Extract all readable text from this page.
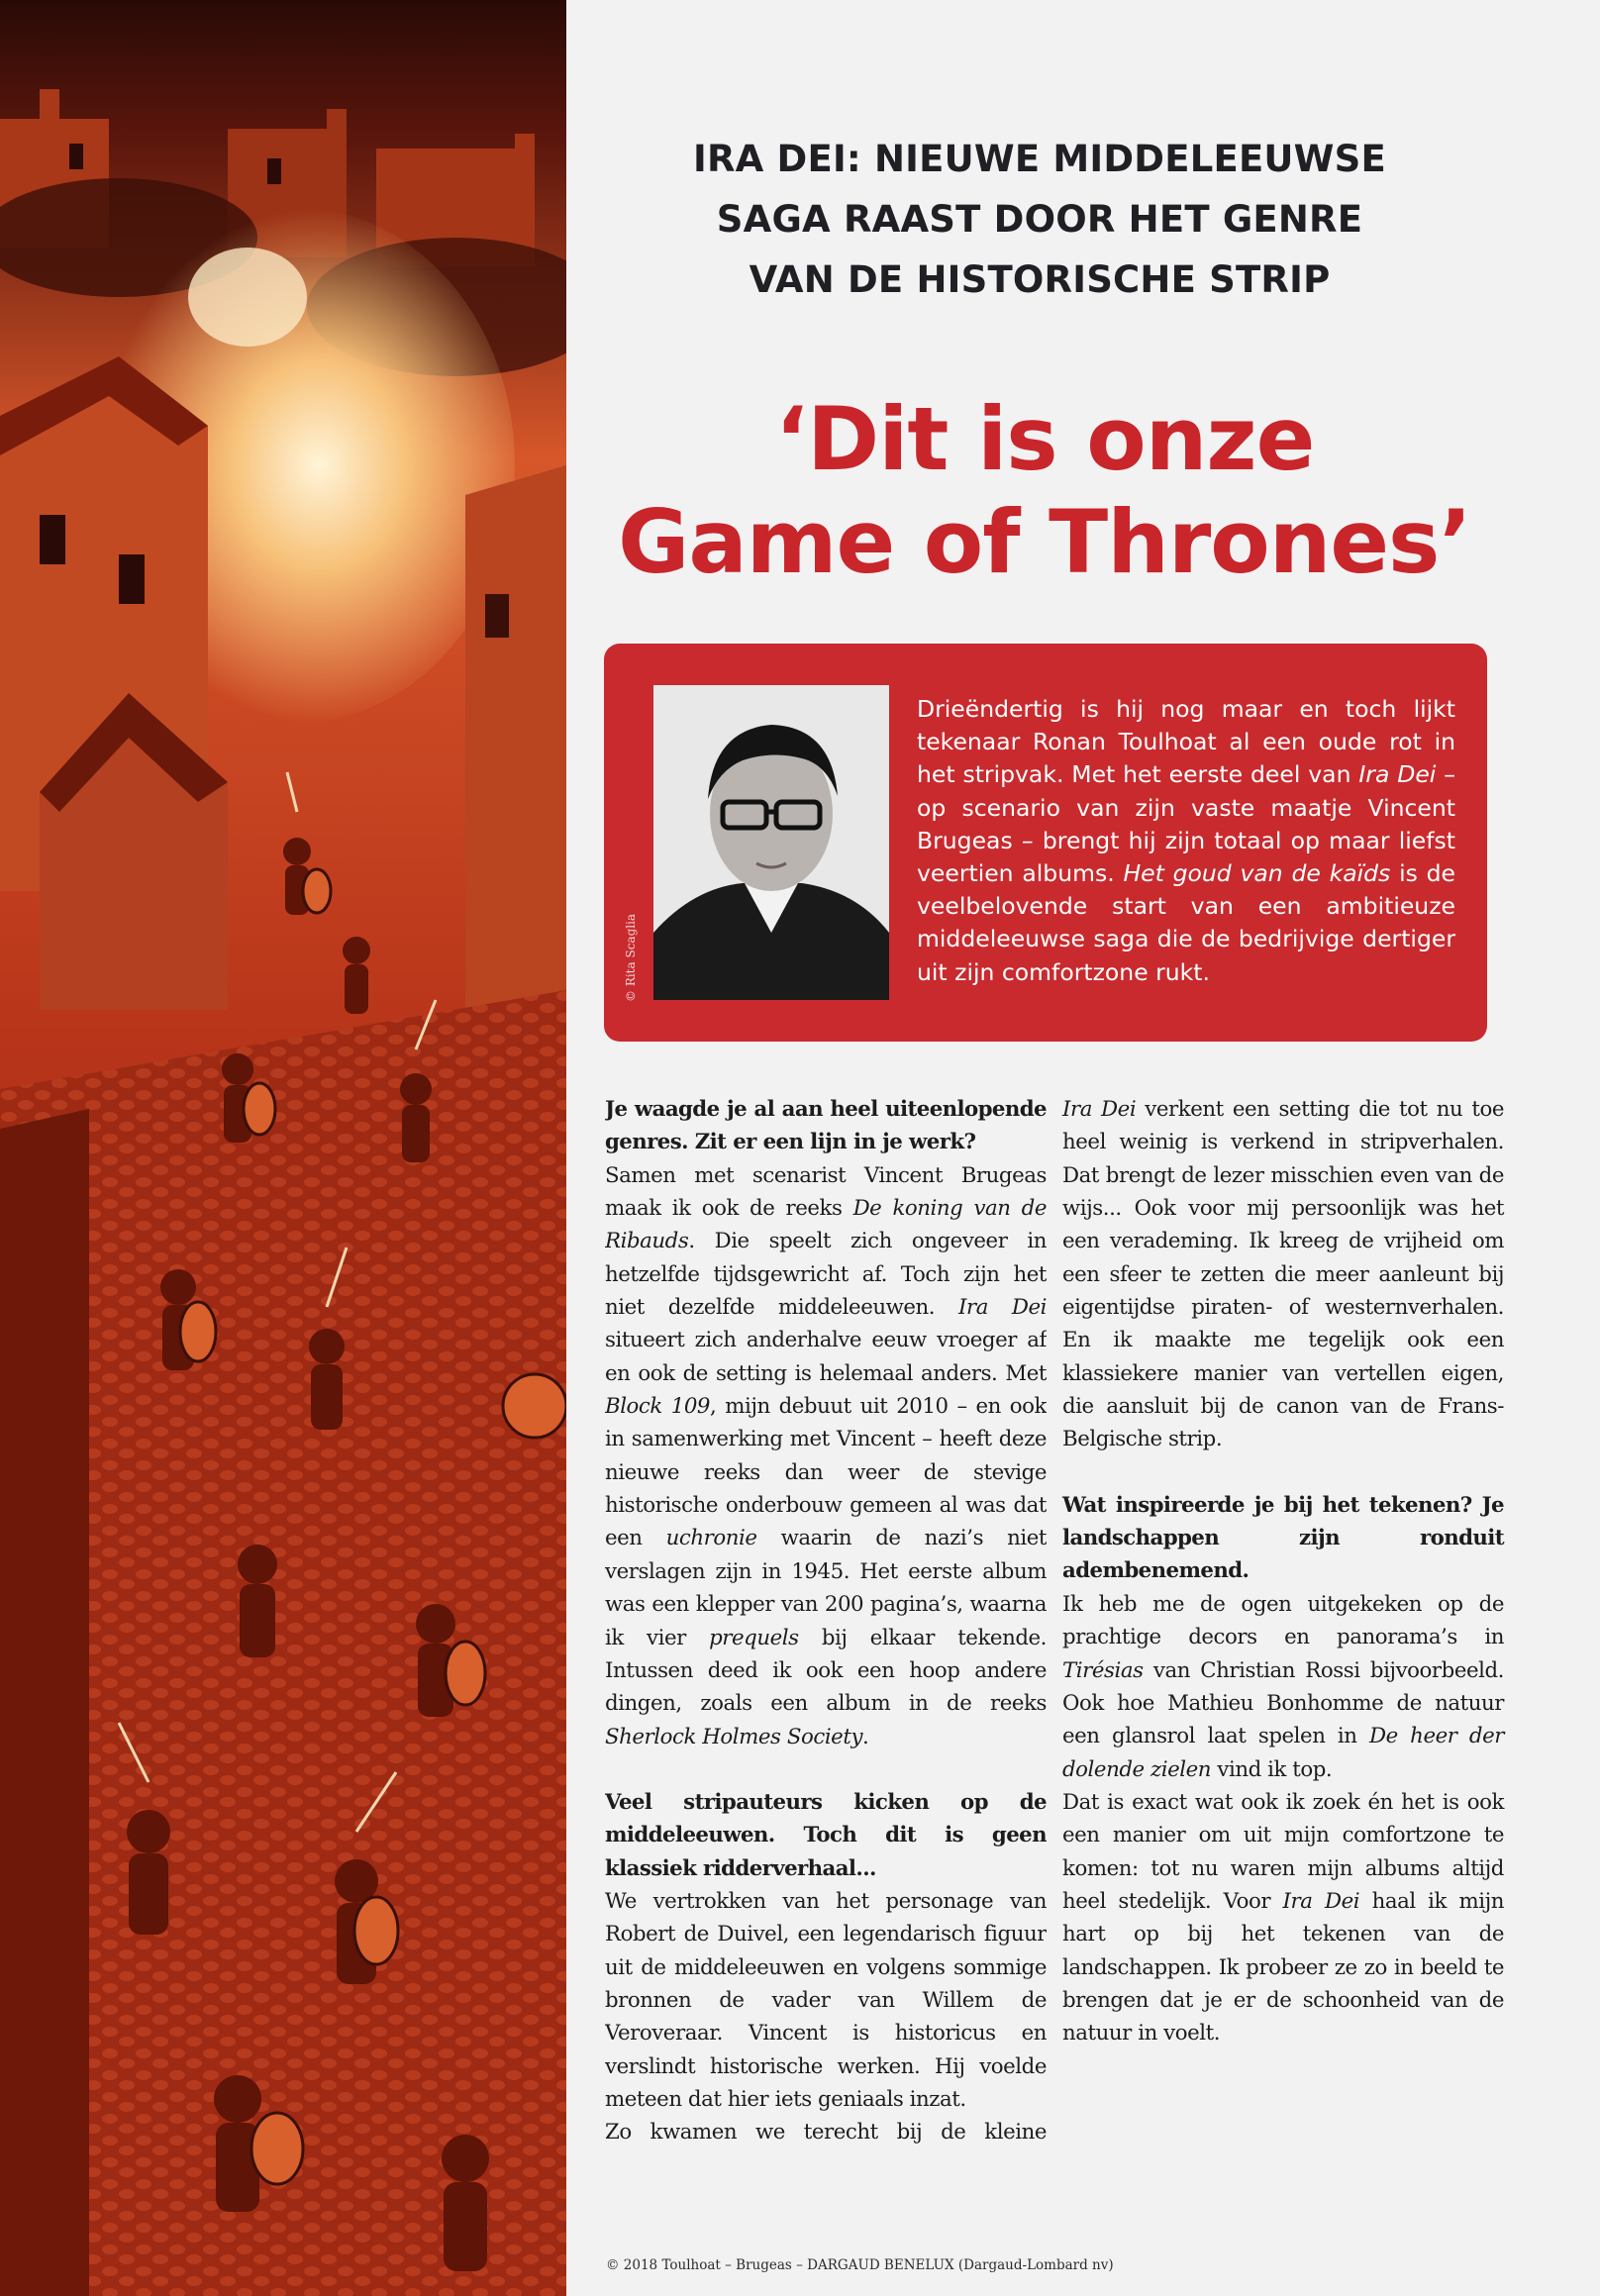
IRA DEI: NIEUWE MIDDELEEUWSE
SAGA RAAST DOOR HET GENRE
VAN DE HISTORISCHE STRIP
‘Dit is onze
Game of Thrones’
© Rita Scaglia
Drieëndertig is hij nog maar en toch lijkt tekenaar Ronan Toulhoat al een oude rot in het stripvak. Met het eerste deel van Ira Dei – op scenario van zijn vaste maatje Vincent Brugeas – brengt hij zijn totaal op maar liefst veertien albums. Het goud van de kaïds is de veelbelovende start van een ambitieuze middeleeuwse saga die de bedrijvige dertiger uit zijn comfortzone rukt.

Je waagde je al aan heel uiteenlopende genres. Zit er een lijn in je werk?

Samen met scenarist Vincent Brugeas maak ik ook de reeks De koning van de Ribauds. Die speelt zich ongeveer in hetzelfde tijdsgewricht af. Toch zijn het niet dezelfde middeleeuwen. Ira Dei situeert zich anderhalve eeuw vroeger af en ook de setting is helemaal anders. Met Block 109, mijn debuut uit 2010 – en ook in samenwerking met Vincent – heeft deze nieuwe reeks dan weer de stevige historische onderbouw gemeen al was dat een uchronie waarin de nazi’s niet verslagen zijn in 1945. Het eerste album was een klepper van 200 pagina’s, waarna ik vier prequels bij elkaar tekende. Intussen deed ik ook een hoop andere dingen, zoals een album in de reeks Sherlock Holmes Society.

Veel stripauteurs kicken op de middeleeuwen. Toch dit is geen klassiek ridderverhaal...

We vertrokken van het personage van Robert de Duivel, een legendarisch figuur uit de middeleeuwen en volgens sommige bronnen de vader van Willem de Veroveraar. Vincent is historicus en verslindt historische werken. Hij voelde meteen dat hier iets geniaals inzat.

Zo kwamen we terecht bij de kleine

Ira Dei verkent een setting die tot nu toe heel weinig is verkend in stripverhalen. Dat brengt de lezer misschien even van de wijs... Ook voor mij persoonlijk was het een verademing. Ik kreeg de vrijheid om een sfeer te zetten die meer aanleunt bij eigentijdse piraten- of westernverhalen. En ik maakte me tegelijk ook een klassiekere manier van vertellen eigen, die aansluit bij de canon van de Frans-Belgische strip.

Wat inspireerde je bij het tekenen? Je landschappen zijn ronduit adembenemend.

Ik heb me de ogen uitgekeken op de prachtige decors en panorama’s in Tirésias van Christian Rossi bijvoorbeeld. Ook hoe Mathieu Bonhomme de natuur een glansrol laat spelen in De heer der dolende zielen vind ik top.

Dat is exact wat ook ik zoek én het is ook een manier om uit mijn comfortzone te komen: tot nu waren mijn albums altijd heel stedelijk. Voor Ira Dei haal ik mijn hart op bij het tekenen van de landschappen. Ik probeer ze zo in beeld te brengen dat je er de schoonheid van de natuur in voelt.

© 2018 Toulhoat – Brugeas – DARGAUD BENELUX (Dargaud-Lombard nv)
